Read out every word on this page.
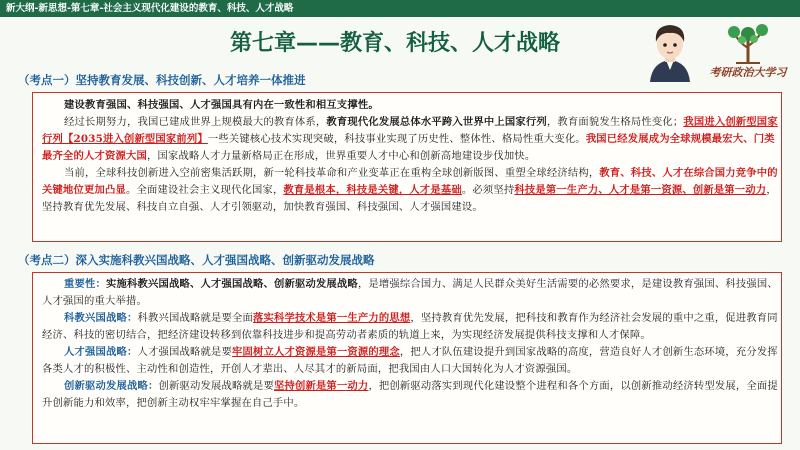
新大纲-新思想-第七章-社会主义现代化建设的教育、科技、人才战略
第七章——教育、科技、人才战略
考研政治大学习
（考点一）坚持教育发展、科技创新、人才培养一体推进
建设教育强国、科技强国、人才强国具有内在一致性和相互支撑性。
经过长期努力，我国已建成世界上规模最大的教育体系，教育现代化发展总体水平跨入世界中上国家行列，教育面貌发生格局性变化；我国进入创新型国家行列【2035进入创新型国家前列】一些关键核心技术实现突破，科技事业实现了历史性、整体性、格局性重大变化。我国已经发展成为全球规模最宏大、门类最齐全的人才资源大国，国家战略人才力量新格局正在形成，世界重要人才中心和创新高地建设步伐加快。
当前，全球科技创新进入空前密集活跃期，新一轮科技革命和产业变革正在重构全球创新版图、重塑全球经济结构，教育、科技、人才在综合国力竞争中的关键地位更加凸显。全面建设社会主义现代化国家，教育是根本，科技是关键，人才是基础。必须坚持科技是第一生产力、人才是第一资源、创新是第一动力，坚持教育优先发展、科技自立自强、人才引领驱动，加快教育强国、科技强国、人才强国建设。
（考点二）深入实施科教兴国战略、人才强国战略、创新驱动发展战略
重要性：实施科教兴国战略、人才强国战略、创新驱动发展战略，是增强综合国力、满足人民群众美好生活需要的必然要求，是建设教育强国、科技强国、人才强国的重大举措。
科教兴国战略：科教兴国战略就是要全面落实科学技术是第一生产力的思想，坚持教育优先发展，把科技和教育作为经济社会发展的重中之重，促进教育同经济、科技的密切结合，把经济建设转移到依靠科技进步和提高劳动者素质的轨道上来，为实现经济发展提供科技支撑和人才保障。
人才强国战略：人才强国战略就是要牢固树立人才资源是第一资源的理念，把人才队伍建设提升到国家战略的高度，营造良好人才创新生态环境，充分发挥各类人才的积极性、主动性和创造性，开创人才辈出、人尽其才的新局面，把我国由人口大国转化为人才资源强国。
创新驱动发展战略：创新驱动发展战略就是要坚持创新是第一动力，把创新驱动落实到现代化建设整个进程和各个方面，以创新推动经济转型发展，全面提升创新能力和效率，把创新主动权牢牢掌握在自己手中。
